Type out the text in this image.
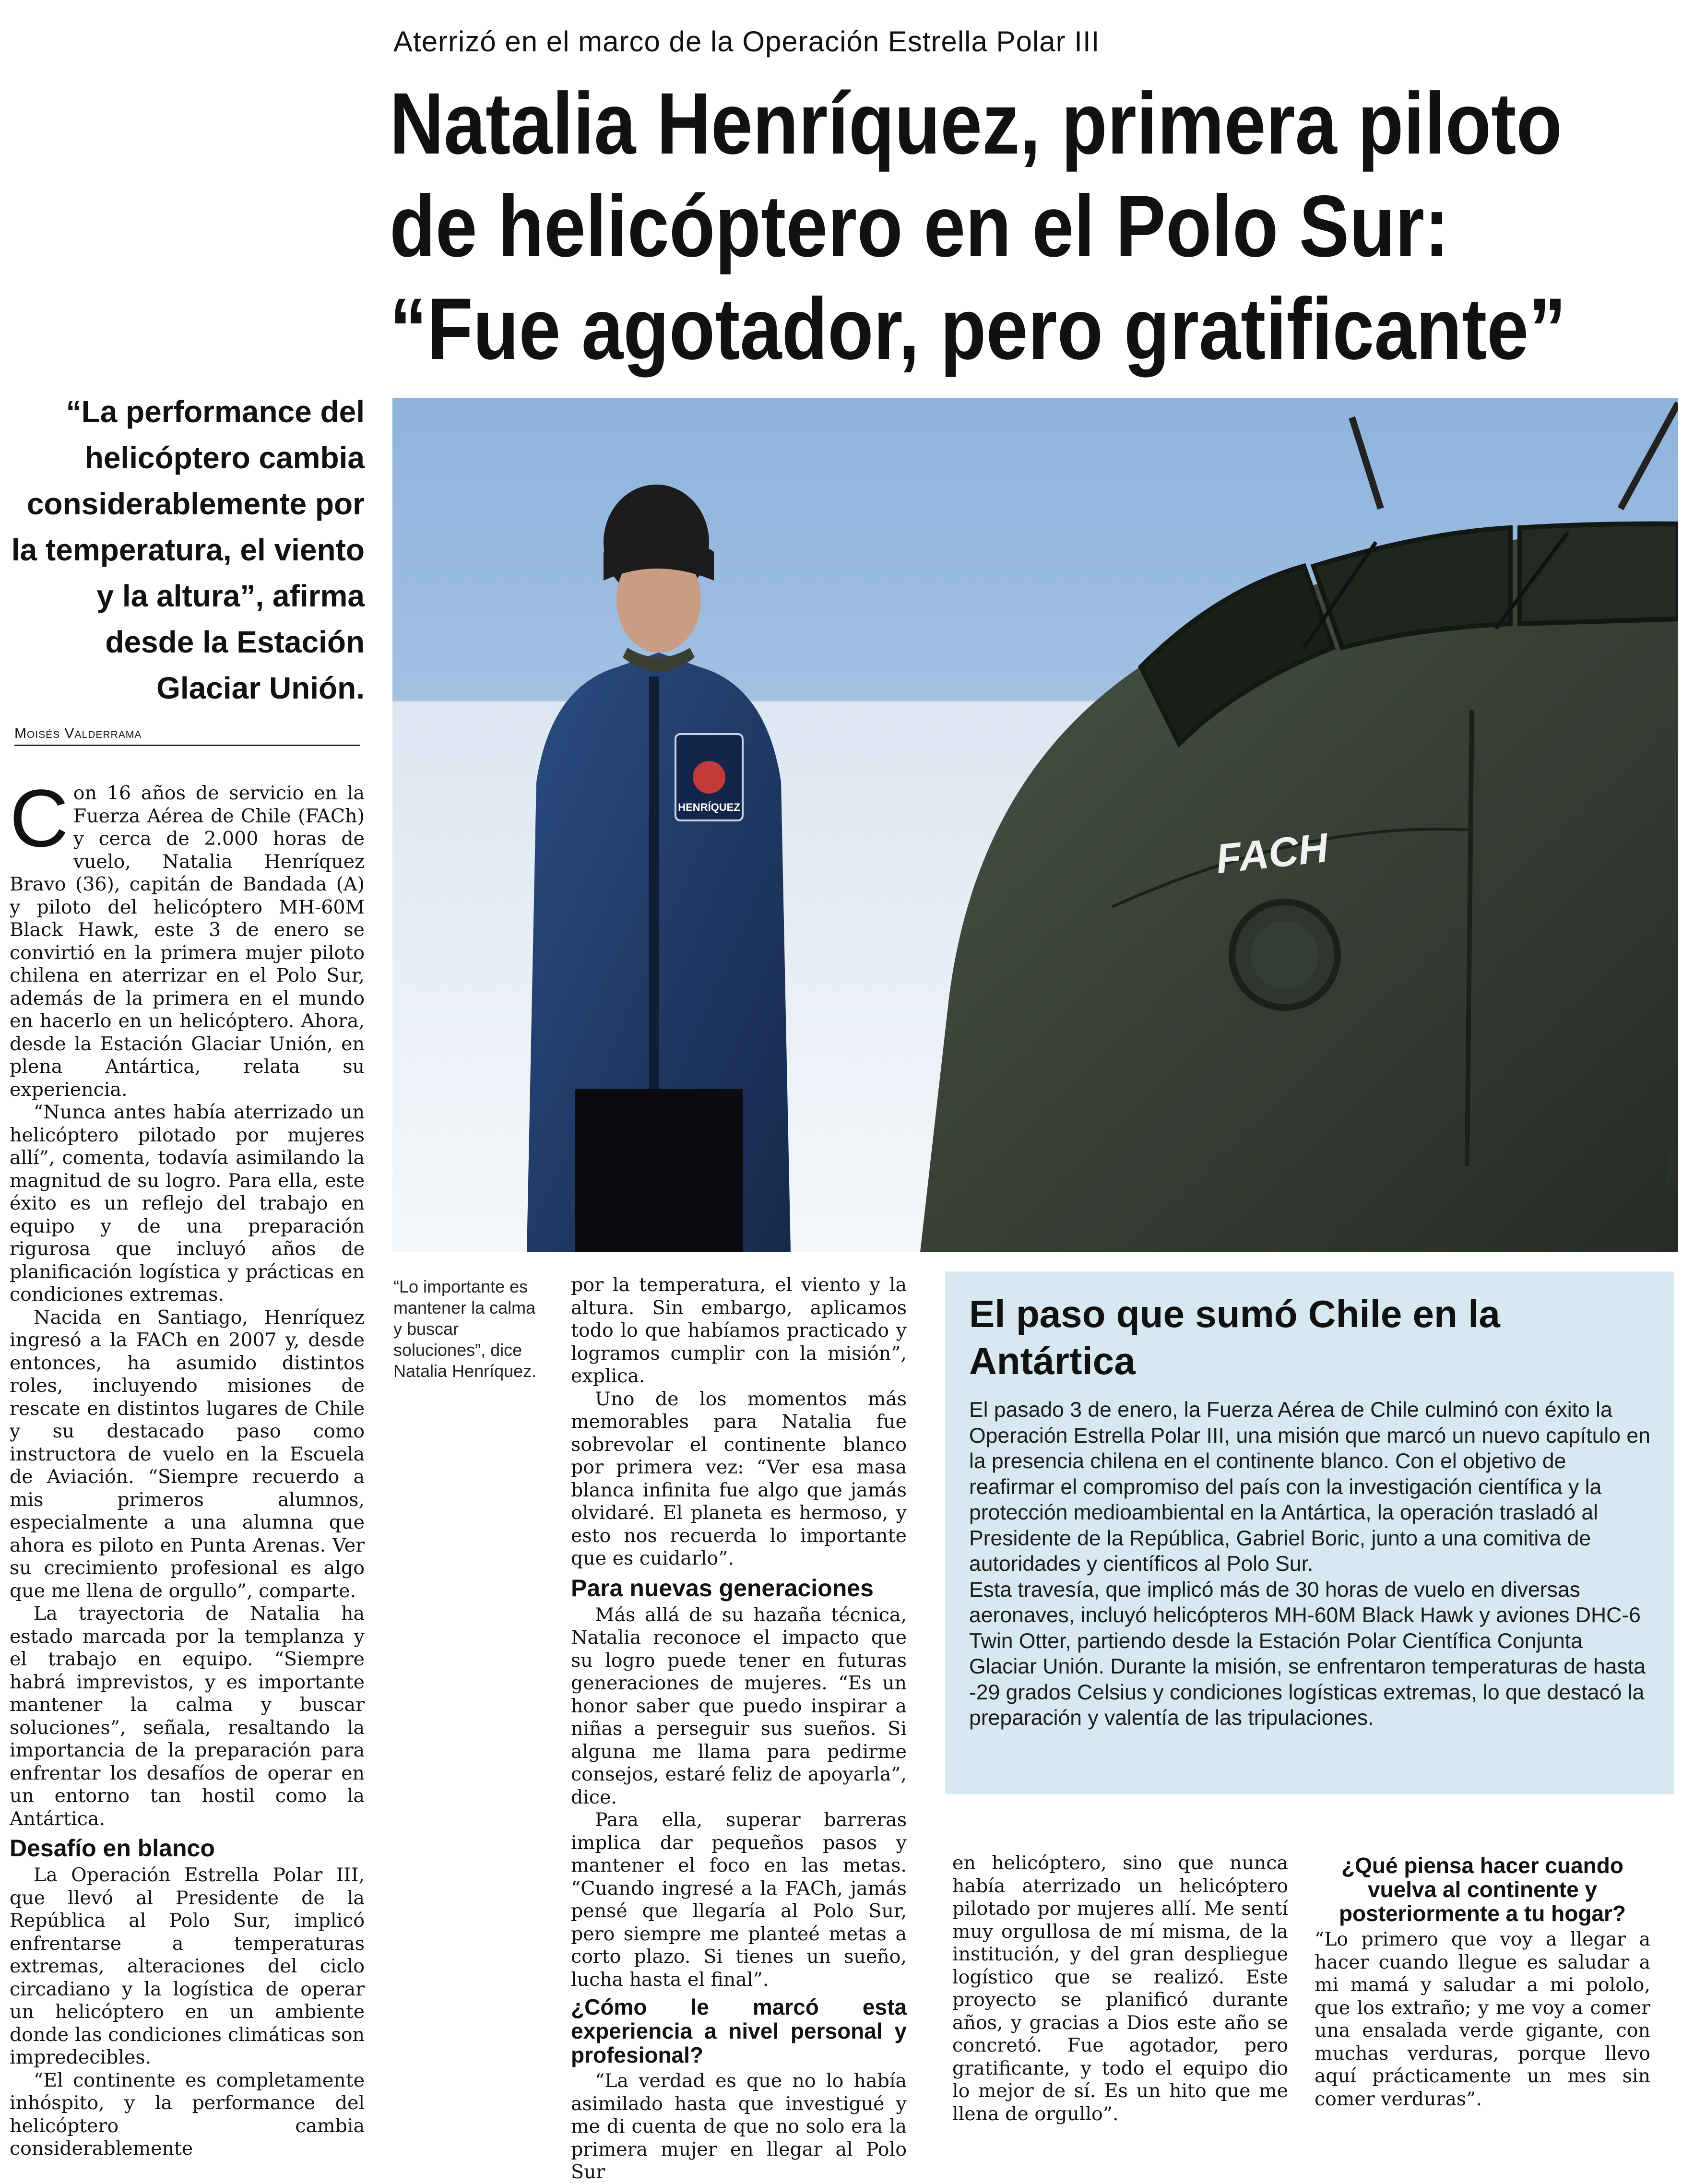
Aterrizó en el marco de la Operación Estrella Polar III
Natalia Henríquez, primera piloto
de helicóptero en el Polo Sur:
“Fue agotador, pero gratificante”
“La performance del helicóptero cambia considerablemente por la temperatura, el viento y la altura”, afirma desde la Estación Glaciar Unión.
Moisés Valderrama
FACH
HENRÍQUEZ
CEDIDA

Con 16 años de servicio en la Fuerza Aérea de Chile (FACh) y cerca de 2.000 horas de vuelo, Natalia Henríquez Bravo (36), capitán de Bandada (A) y piloto del helicóptero MH-60M Black Hawk, este 3 de enero se convirtió en la primera mujer piloto chilena en aterrizar en el Polo Sur, además de la primera en el mundo en hacerlo en un helicóptero. Ahora, desde la Estación Glaciar Unión, en plena Antártica, relata su experiencia.

“Nunca antes había aterrizado un helicóptero pilotado por mujeres allí”, comenta, todavía asimilando la magnitud de su logro. Para ella, este éxito es un reflejo del trabajo en equipo y de una preparación rigurosa que incluyó años de planificación logística y prácticas en condiciones extremas.

Nacida en Santiago, Henríquez ingresó a la FACh en 2007 y, desde entonces, ha asumido distintos roles, incluyendo misiones de rescate en distintos lugares de Chile y su destacado paso como instructora de vuelo en la Escuela de Aviación. “Siempre recuerdo a mis primeros alumnos, especialmente a una alumna que ahora es piloto en Punta Arenas. Ver su crecimiento profesional es algo que me llena de orgullo”, comparte.

La trayectoria de Natalia ha estado marcada por la templanza y el trabajo en equipo. “Siempre habrá imprevistos, y es importante mantener la calma y buscar soluciones”, señala, resaltando la importancia de la preparación para enfrentar los desafíos de operar en un entorno tan hostil como la Antártica.

Desafío en blanco

La Operación Estrella Polar III, que llevó al Presidente de la República al Polo Sur, implicó enfrentarse a temperaturas extremas, alteraciones del ciclo circadiano y la logística de operar un helicóptero en un ambiente donde las condiciones climáticas son impredecibles.

“El continente es completamente inhóspito, y la performance del helicóptero cambia considerablemente

“Lo importante es mantener la calma y buscar soluciones”, dice Natalia Henríquez.

por la temperatura, el viento y la altura. Sin embargo, aplicamos todo lo que habíamos practicado y logramos cumplir con la misión”, explica.

Uno de los momentos más memorables para Natalia fue sobrevolar el continente blanco por primera vez: “Ver esa masa blanca infinita fue algo que jamás olvidaré. El planeta es hermoso, y esto nos recuerda lo importante que es cuidarlo”.

Para nuevas generaciones

Más allá de su hazaña técnica, Natalia reconoce el impacto que su logro puede tener en futuras generaciones de mujeres. “Es un honor saber que puedo inspirar a niñas a perseguir sus sueños. Si alguna me llama para pedirme consejos, estaré feliz de apoyarla”, dice.

Para ella, superar barreras implica dar pequeños pasos y mantener el foco en las metas. “Cuando ingresé a la FACh, jamás pensé que llegaría al Polo Sur, pero siempre me planteé metas a corto plazo. Si tienes un sueño, lucha hasta el final”.

¿Cómo le marcó esta experiencia a nivel personal y profesional?

“La verdad es que no lo había asimilado hasta que investigué y me di cuenta de que no solo era la primera mujer en llegar al Polo Sur

El paso que sumó Chile en la Antártica

El pasado 3 de enero, la Fuerza Aérea de Chile culminó con éxito la Operación Estrella Polar III, una misión que marcó un nuevo capítulo en la presencia chilena en el continente blanco. Con el objetivo de reafirmar el compromiso del país con la investigación científica y la protección medioambiental en la Antártica, la operación trasladó al Presidente de la República, Gabriel Boric, junto a una comitiva de autoridades y científicos al Polo Sur.

Esta travesía, que implicó más de 30 horas de vuelo en diversas aeronaves, incluyó helicópteros MH-60M Black Hawk y aviones DHC-6 Twin Otter, partiendo desde la Estación Polar Científica Conjunta Glaciar Unión. Durante la misión, se enfrentaron temperaturas de hasta -29 grados Celsius y condiciones logísticas extremas, lo que destacó la preparación y valentía de las tripulaciones.

en helicóptero, sino que nunca había aterrizado un helicóptero pilotado por mujeres allí. Me sentí muy orgullosa de mí misma, de la institución, y del gran despliegue logístico que se realizó. Este proyecto se planificó durante años, y gracias a Dios este año se concretó. Fue agotador, pero gratificante, y todo el equipo dio lo mejor de sí. Es un hito que me llena de orgullo”.

¿Qué piensa hacer cuando vuelva al continente y posteriormente a tu hogar?

“Lo primero que voy a llegar a hacer cuando llegue es saludar a mi mamá y saludar a mi pololo, que los extraño; y me voy a comer una ensalada verde gigante, con muchas verduras, porque llevo aquí prácticamente un mes sin comer verduras”.
